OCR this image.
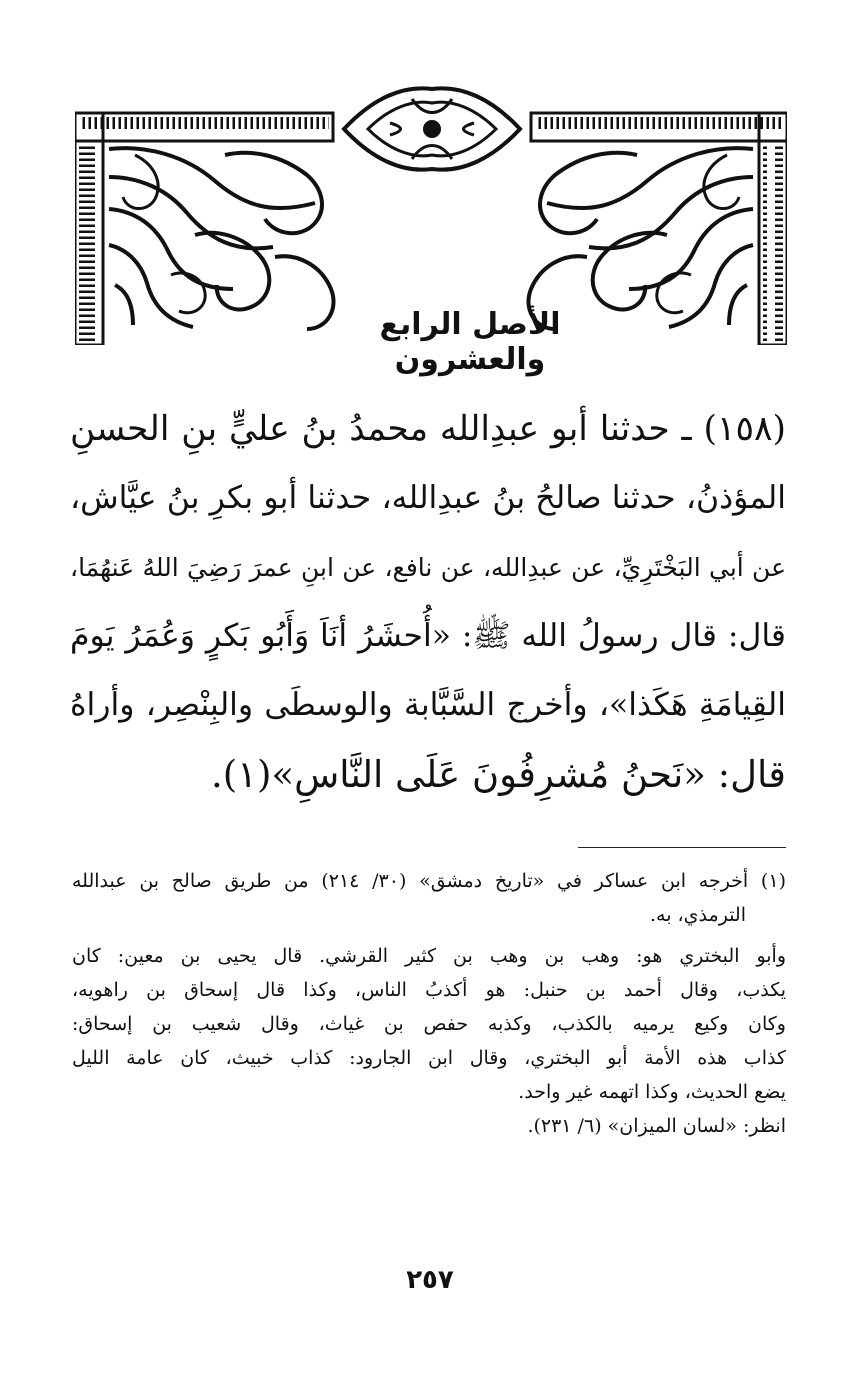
الأصل الرابع والعشرون
(١٥٨) ـ حدثنا أبو عبدِالله محمدُ بنُ عليٍّ بنِ الحسنِ
المؤذنُ، حدثنا صالحُ بنُ عبدِالله، حدثنا أبو بكرِ بنُ عيَّاش،
عن أبي البَخْتَرِيِّ، عن عبدِالله، عن نافع، عن ابنِ عمرَ رَضِيَ اللهُ عَنهُمَا،
قال: قال رسولُ الله ﷺ: «أُحشَرُ أنَاَ وَأَبُو بَكرٍ وَعُمَرُ يَومَ
القِيامَةِ هَكَذا»، وأخرج السَّبَّابة والوسطَى والبِنْصِر، وأراهُ
قال: «نَحنُ مُشرِفُونَ عَلَى النَّاسِ»(١).
(١) أخرجه ابن عساكر في «تاريخ دمشق» (٣٠/ ٢١٤) من طريق صالح بن عبدالله
الترمذي، به.
وأبو البختري هو: وهب بن وهب بن كثير القرشي. قال يحيى بن معين: كان
يكذب، وقال أحمد بن حنبل: هو أكذبُ الناس، وكذا قال إسحاق بن راهويه،
وكان وكيع يرميه بالكذب، وكذبه حفص بن غياث، وقال شعيب بن إسحاق:
كذاب هذه الأمة أبو البختري، وقال ابن الجارود: كذاب خبيث، كان عامة الليل
يضع الحديث، وكذا اتهمه غير واحد.
انظر: «لسان الميزان» (٦/ ٢٣١).
٢٥٧
